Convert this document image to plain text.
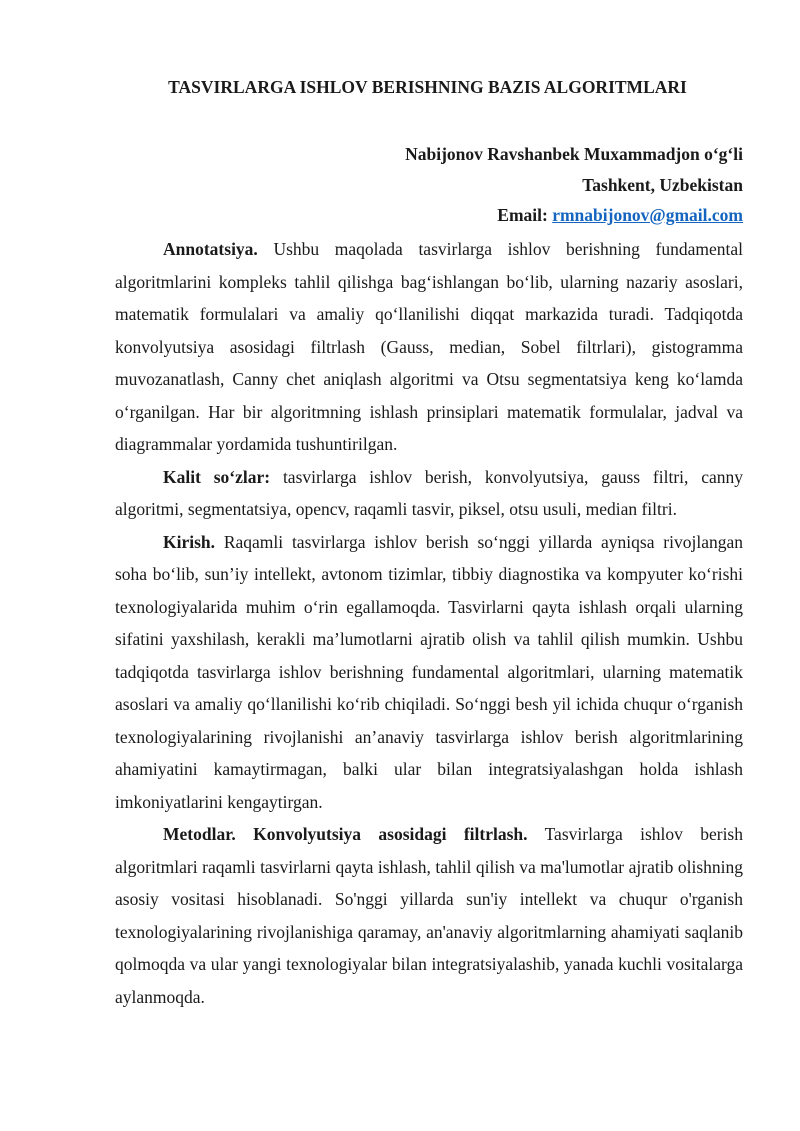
TASVIRLARGA ISHLOV BERISHNING BAZIS ALGORITMLARI
Nabijonov Ravshanbek Muxammadjon o‘g‘li
Tashkent, Uzbekistan
Email: rmnabijonov@gmail.com

Annotatsiya. Ushbu maqolada tasvirlarga ishlov berishning fundamental algoritmlarini kompleks tahlil qilishga bag‘ishlangan bo‘lib, ularning nazariy asoslari, matematik formulalari va amaliy qo‘llanilishi diqqat markazida turadi. Tadqiqotda konvolyutsiya asosidagi filtrlash (Gauss, median, Sobel filtrlari), gistogramma muvozanatlash, Canny chet aniqlash algoritmi va Otsu segmentatsiya keng ko‘lamda o‘rganilgan. Har bir algoritmning ishlash prinsiplari matematik formulalar, jadval va diagrammalar yordamida tushuntirilgan.

Kalit so‘zlar: tasvirlarga ishlov berish, konvolyutsiya, gauss filtri, canny algoritmi, segmentatsiya, opencv, raqamli tasvir, piksel, otsu usuli, median filtri.

Kirish. Raqamli tasvirlarga ishlov berish so‘nggi yillarda ayniqsa rivojlangan soha bo‘lib, sun’iy intellekt, avtonom tizimlar, tibbiy diagnostika va kompyuter ko‘rishi texnologiyalarida muhim o‘rin egallamoqda. Tasvirlarni qayta ishlash orqali ularning sifatini yaxshilash, kerakli ma’lumotlarni ajratib olish va tahlil qilish mumkin. Ushbu tadqiqotda tasvirlarga ishlov berishning fundamental algoritmlari, ularning matematik asoslari va amaliy qo‘llanilishi ko‘rib chiqiladi. So‘nggi besh yil ichida chuqur o‘rganish texnologiyalarining rivojlanishi an’anaviy tasvirlarga ishlov berish algoritmlarining ahamiyatini kamaytirmagan, balki ular bilan integratsiyalashgan holda ishlash imkoniyatlarini kengaytirgan.

Metodlar. Konvolyutsiya asosidagi filtrlash. Tasvirlarga ishlov berish algoritmlari raqamli tasvirlarni qayta ishlash, tahlil qilish va ma'lumotlar ajratib olishning asosiy vositasi hisoblanadi. So'nggi yillarda sun'iy intellekt va chuqur o'rganish texnologiyalarining rivojlanishiga qaramay, an'anaviy algoritmlarning ahamiyati saqlanib qolmoqda va ular yangi texnologiyalar bilan integratsiyalashib, yanada kuchli vositalarga aylanmoqda.
